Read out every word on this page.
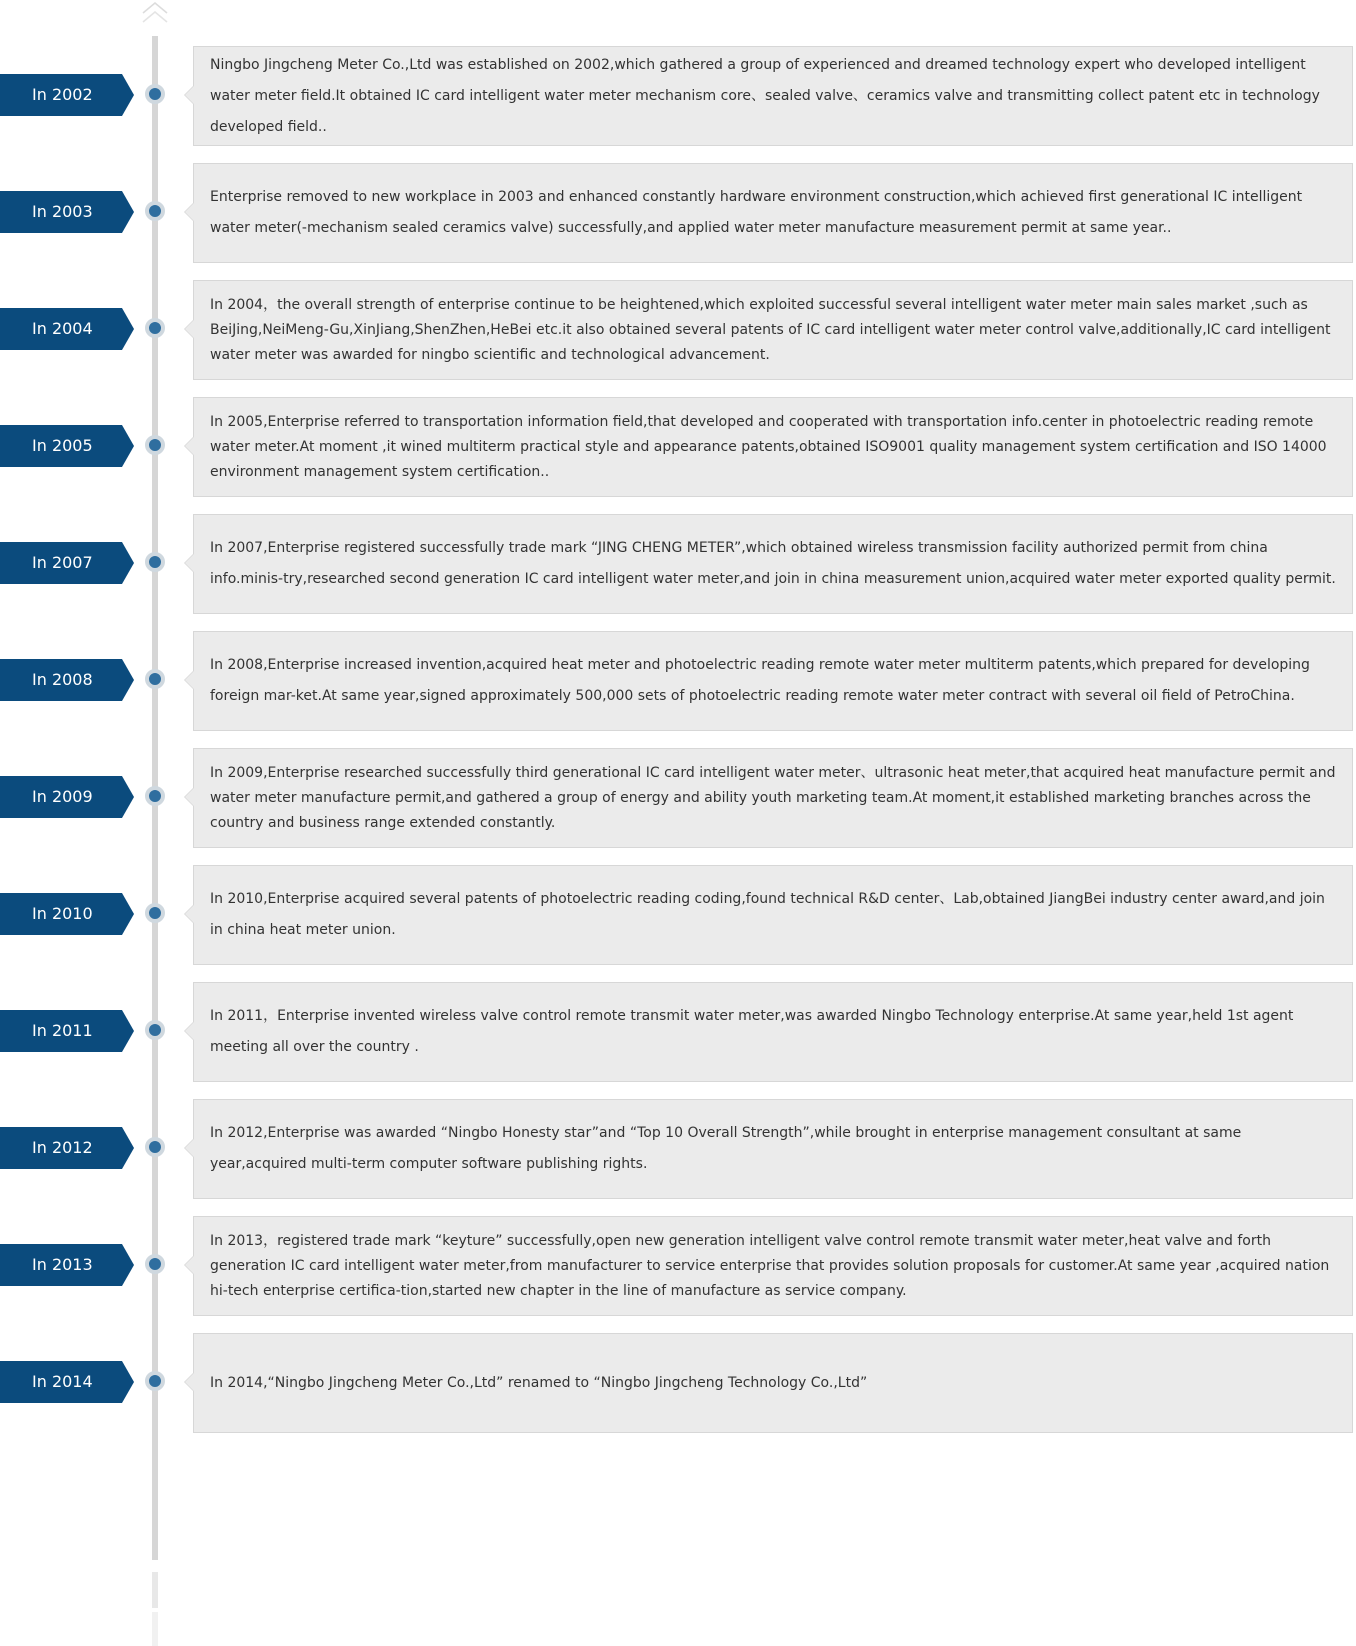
In 2002
Ningbo Jingcheng Meter Co.,Ltd was established on 2002,which gathered a group of experienced and dreamed technology expert who developed intelligent water meter field.It obtained IC card intelligent water meter mechanism core、sealed valve、ceramics valve and transmitting collect patent etc in technology developed field..
In 2003
Enterprise removed to new workplace in 2003 and enhanced constantly hardware environment construction,which achieved first generational IC intelligent water meter(-mechanism sealed ceramics valve) successfully,and applied water meter manufacture measurement permit at same year..
In 2004
In 2004，the overall strength of enterprise continue to be heightened,which exploited successful several intelligent water meter main sales market ,such as BeiJing,NeiMeng-Gu,XinJiang,ShenZhen,HeBei etc.it also obtained several patents of IC card intelligent water meter control valve,additionally,IC card intelligent water meter was awarded for ningbo scientific and technological advancement.
In 2005
In 2005,Enterprise referred to transportation information field,that developed and cooperated with transportation info.center in photoelectric reading remote water meter.At moment ,it wined multiterm practical style and appearance patents,obtained ISO9001 quality management system certification and ISO 14000 environment management system certification..
In 2007
In 2007,Enterprise registered successfully trade mark “JING CHENG METER”,which obtained wireless transmission facility authorized permit from china info.minis-try,researched second generation IC card intelligent water meter,and join in china measurement union,acquired water meter exported quality permit.
In 2008
In 2008,Enterprise increased invention,acquired heat meter and photoelectric reading remote water meter multiterm patents,which prepared for developing foreign mar-ket.At same year,signed approximately 500,000 sets of photoelectric reading remote water meter contract with several oil field of PetroChina.
In 2009
In 2009,Enterprise researched successfully third generational IC card intelligent water meter、ultrasonic heat meter,that acquired heat manufacture permit and water meter manufacture permit,and gathered a group of energy and ability youth marketing team.At moment,it established marketing branches across the country and business range extended constantly.
In 2010
In 2010,Enterprise acquired several patents of photoelectric reading coding,found technical R&D center、Lab,obtained JiangBei industry center award,and join in china heat meter union.
In 2011
In 2011，Enterprise invented wireless valve control remote transmit water meter,was awarded Ningbo Technology enterprise.At same year,held 1st agent meeting all over the country .
In 2012
In 2012,Enterprise was awarded “Ningbo Honesty star”and “Top 10 Overall Strength”,while brought in enterprise management consultant at same year,acquired multi-term computer software publishing rights.
In 2013
In 2013，registered trade mark “keyture” successfully,open new generation intelligent valve control remote transmit water meter,heat valve and forth generation IC card intelligent water meter,from manufacturer to service enterprise that provides solution proposals for customer.At same year ,acquired nation hi-tech enterprise certifica-tion,started new chapter in the line of manufacture as service company.
In 2014	In 2014,“Ningbo Jingcheng Meter Co.,Ltd” renamed to “Ningbo Jingcheng Technology Co.,Ltd”
